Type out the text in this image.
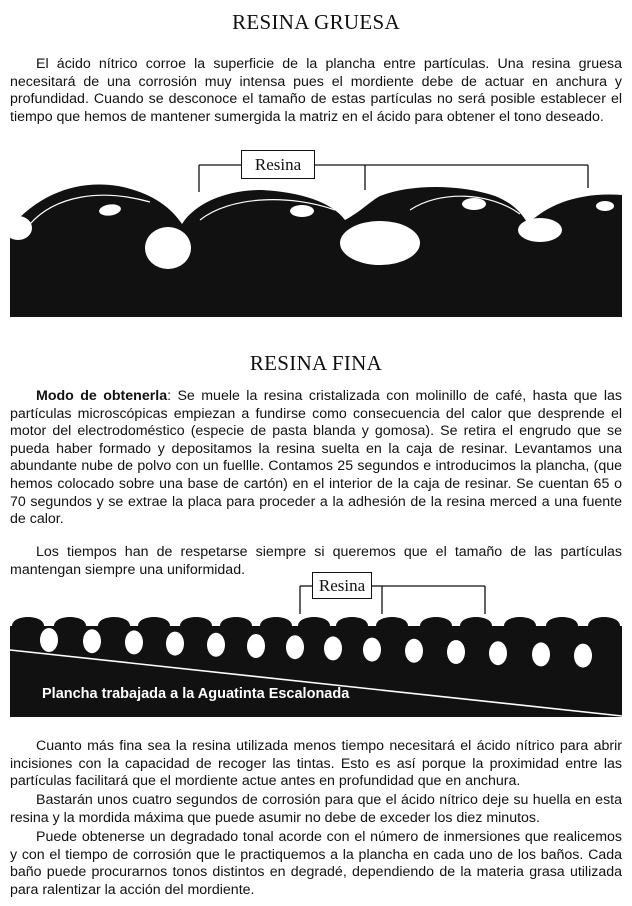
RESINA GRUESA

El ácido nítrico corroe la superficie de la plancha entre partículas. Una resina gruesa necesitará de una corrosión muy intensa pues el mordiente debe de actuar en anchura y profundidad. Cuando se desconoce el tamaño de estas partículas no será posible establecer el tiempo que hemos de mantener sumergida la matriz en el ácido para obtener el tono deseado.

Resina
RESINA FINA

Modo de obtenerla: Se muele la resina cristalizada con molinillo de café, hasta que las partículas microscópicas empiezan a fundirse como consecuencia del calor que desprende el motor del electrodoméstico (especie de pasta blanda y gomosa). Se retira el engrudo que se pueda haber formado y depositamos la resina suelta en la caja de resinar. Levantamos una abundante nube de polvo con un fuellle. Contamos 25 segundos e introducimos la plancha, (que hemos colocado sobre una base de cartón) en el interior de la caja de resinar. Se cuentan 65 o 70 segundos y se extrae la placa para proceder a la adhesión de la resina merced a una fuente de calor.

Los tiempos han de respetarse siempre si queremos que el tamaño de las partículas mantengan siempre una uniformidad.

Resina
Plancha trabajada a la Aguatinta Escalonada

Cuanto más fina sea la resina utilizada menos tiempo necesitará el ácido nítrico para abrir incisiones con la capacidad de recoger las tintas. Esto es así porque la proximidad entre las partículas facilitará que el mordiente actue antes en profundidad que en anchura.

Bastarán unos cuatro segundos de corrosión para que el ácido nítrico deje su huella en esta resina y la mordida máxima que puede asumir no debe de exceder los diez minutos.

Puede obtenerse un degradado tonal acorde con el número de inmersiones que realicemos y con el tiempo de corrosión que le practiquemos a la plancha en cada uno de los baños. Cada baño puede procurarnos tonos distintos en degradé, dependiendo de la materia grasa utilizada para ralentizar la acción del mordiente.
